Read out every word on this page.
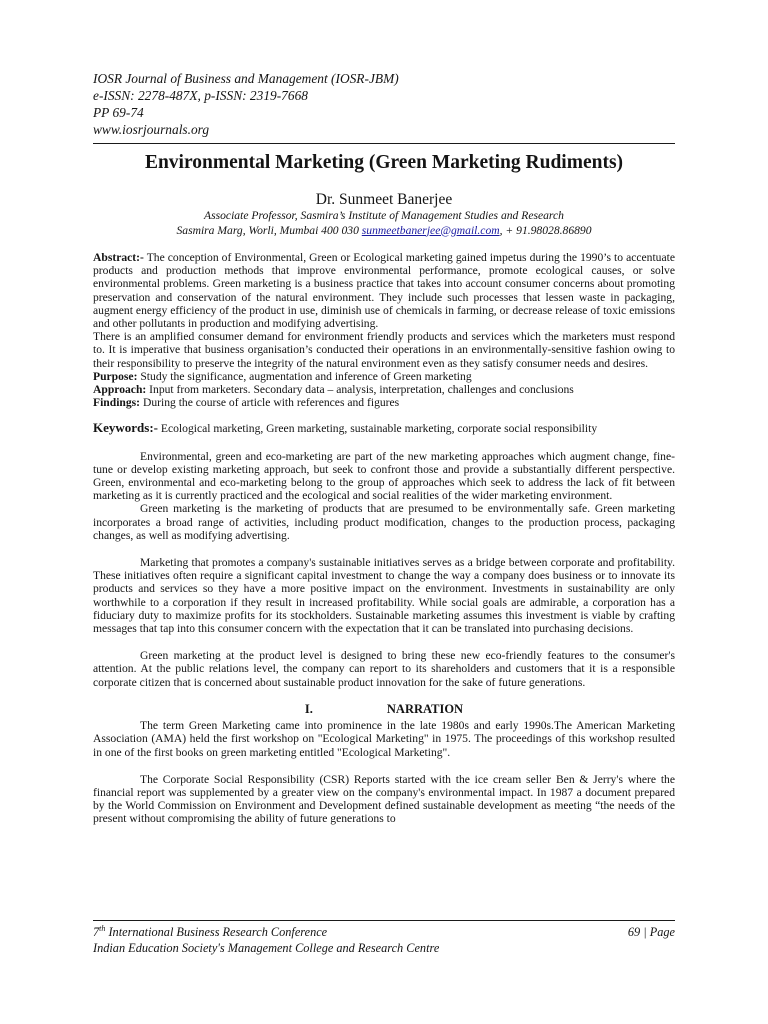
IOSR Journal of Business and Management (IOSR-JBM)
e-ISSN: 2278-487X, p-ISSN: 2319-7668
PP 69-74
www.iosrjournals.org
Environmental Marketing (Green Marketing Rudiments)
Dr. Sunmeet Banerjee
Associate Professor, Sasmira’s Institute of Management Studies and Research
Sasmira Marg, Worli, Mumbai 400 030 sunmeetbanerjee@gmail.com, + 91.98028.86890

Abstract:- The conception of Environmental, Green or Ecological marketing gained impetus during the 1990’s to accentuate products and production methods that improve environmental performance, promote ecological causes, or solve environmental problems. Green marketing is a business practice that takes into account consumer concerns about promoting preservation and conservation of the natural environment. They include such processes that lessen waste in packaging, augment energy efficiency of the product in use, diminish use of chemicals in farming, or decrease release of toxic emissions and other pollutants in production and modifying advertising.

There is an amplified consumer demand for environment friendly products and services which the marketers must respond to. It is imperative that business organisation’s conducted their operations in an environmentally-sensitive fashion owing to their responsibility to preserve the integrity of the natural environment even as they satisfy consumer needs and desires.

Purpose: Study the significance, augmentation and inference of Green marketing

Approach: Input from marketers. Secondary data – analysis, interpretation, challenges and conclusions

Findings: During the course of article with references and figures

Keywords:- Ecological marketing, Green marketing, sustainable marketing, corporate social responsibility

Environmental, green and eco-marketing are part of the new marketing approaches which augment change, fine-tune or develop existing marketing approach, but seek to confront those and provide a substantially different perspective. Green, environmental and eco-marketing belong to the group of approaches which seek to address the lack of fit between marketing as it is currently practiced and the ecological and social realities of the wider marketing environment.

Green marketing is the marketing of products that are presumed to be environmentally safe. Green marketing incorporates a broad range of activities, including product modification, changes to the production process, packaging changes, as well as modifying advertising.

Marketing that promotes a company's sustainable initiatives serves as a bridge between corporate and profitability. These initiatives often require a significant capital investment to change the way a company does business or to innovate its products and services so they have a more positive impact on the environment. Investments in sustainability are only worthwhile to a corporation if they result in increased profitability. While social goals are admirable, a corporation has a fiduciary duty to maximize profits for its stockholders. Sustainable marketing assumes this investment is viable by crafting messages that tap into this consumer concern with the expectation that it can be translated into purchasing decisions.

Green marketing at the product level is designed to bring these new eco-friendly features to the consumer's attention. At the public relations level, the company can report to its shareholders and customers that it is a responsible corporate citizen that is concerned about sustainable product innovation for the sake of future generations.

I.	NARRATION

The term Green Marketing came into prominence in the late 1980s and early 1990s.The American Marketing Association (AMA) held the first workshop on "Ecological Marketing" in 1975. The proceedings of this workshop resulted in one of the first books on green marketing entitled "Ecological Marketing".

The Corporate Social Responsibility (CSR) Reports started with the ice cream seller Ben & Jerry's where the financial report was supplemented by a greater view on the company's environmental impact. In 1987 a document prepared by the World Commission on Environment and Development defined sustainable development as meeting “the needs of the present without compromising the ability of future generations to

7th International Business Research Conference	69 | Page
Indian Education Society's Management College and Research Centre
